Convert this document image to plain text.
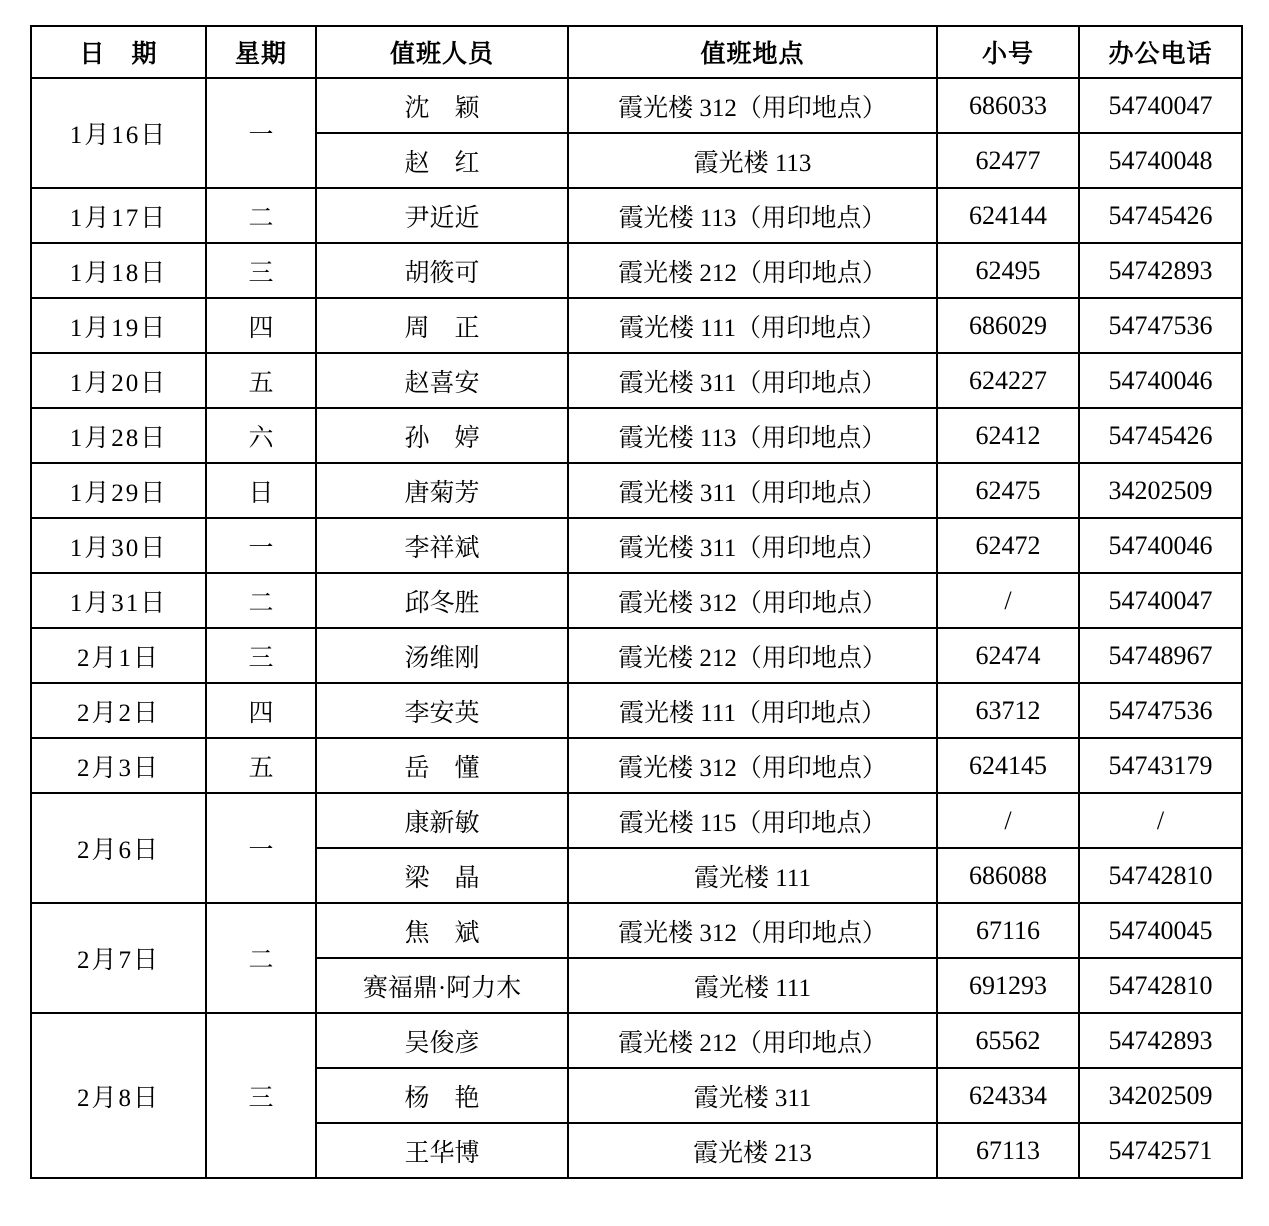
日　期	星期	值班人员	值班地点	小号	办公电话
1月16日	一	沈　颖	霞光楼 312（用印地点）	686033	54740047
		赵　红	霞光楼 113	62477	54740048
1月17日	二	尹近近	霞光楼 113（用印地点）	624144	54745426
1月18日	三	胡筱可	霞光楼 212（用印地点）	62495	54742893
1月19日	四	周　正	霞光楼 111（用印地点）	686029	54747536
1月20日	五	赵喜安	霞光楼 311（用印地点）	624227	54740046
1月28日	六	孙　婷	霞光楼 113（用印地点）	62412	54745426
1月29日	日	唐菊芳	霞光楼 311（用印地点）	62475	34202509
1月30日	一	李祥斌	霞光楼 311（用印地点）	62472	54740046
1月31日	二	邱冬胜	霞光楼 312（用印地点）	/	54740047
2月1日	三	汤维刚	霞光楼 212（用印地点）	62474	54748967
2月2日	四	李安英	霞光楼 111（用印地点）	63712	54747536
2月3日	五	岳　懂	霞光楼 312（用印地点）	624145	54743179
2月6日	一	康新敏	霞光楼 115（用印地点）	/	/
		梁　晶	霞光楼 111	686088	54742810
2月7日	二	焦　斌	霞光楼 312（用印地点）	67116	54740045
		赛福鼎·阿力木	霞光楼 111	691293	54742810
2月8日	三	吴俊彦	霞光楼 212（用印地点）	65562	54742893
		杨　艳	霞光楼 311	624334	34202509
		王华博	霞光楼 213	67113	54742571
